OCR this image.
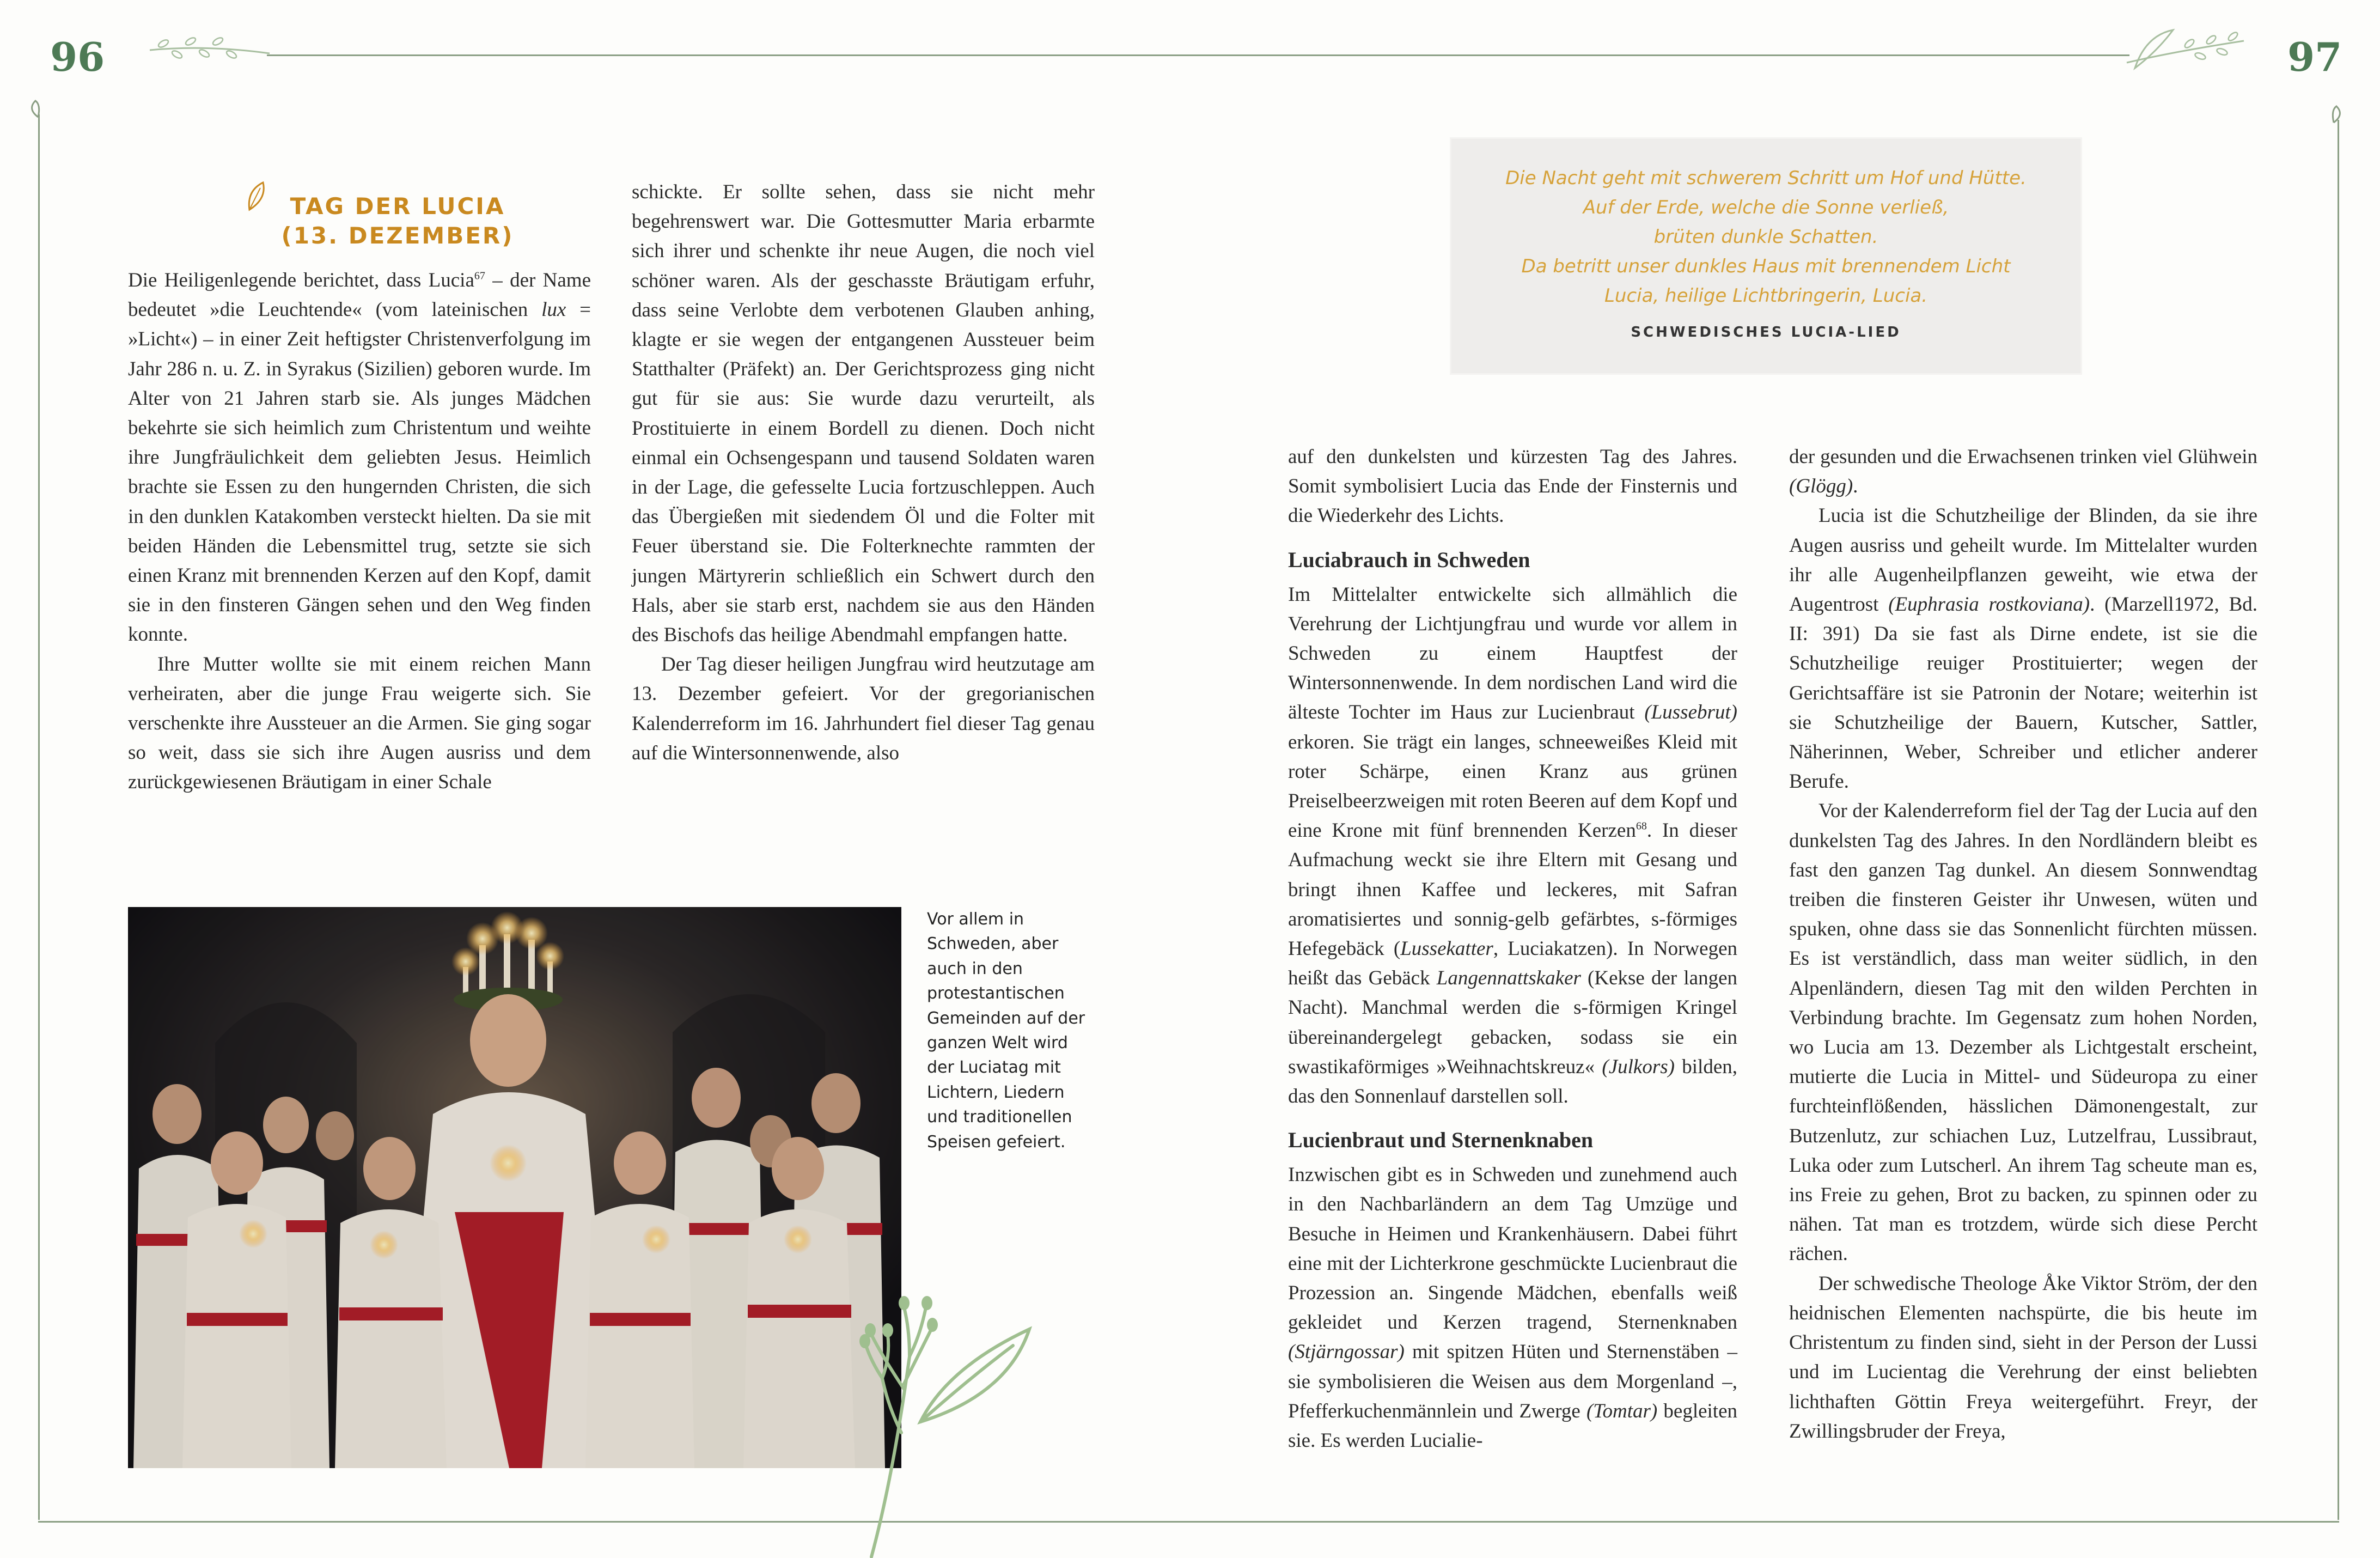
96	97
TAG DER LUCIA
(13. DEZEMBER)

Die Heiligenlegende berichtet, dass Lucia$^{67}$ – der Name bedeutet »die Leuchtende« (vom lateinischen lux = »Licht«) – in einer Zeit heftigster Christenverfolgung im Jahr 286 n. u. Z. in Syrakus (Sizilien) geboren wurde. Im Alter von 21 Jahren starb sie. Als junges Mädchen bekehrte sie sich heimlich zum Christentum und weihte ihre Jungfräulichkeit dem geliebten Jesus. Heimlich brachte sie Essen zu den hungernden Christen, die sich in den dunklen Katakomben versteckt hielten. Da sie mit beiden Händen die Lebensmittel trug, setzte sie sich einen Kranz mit brennenden Kerzen auf den Kopf, damit sie in den finsteren Gängen sehen und den Weg finden konnte.

Ihre Mutter wollte sie mit einem reichen Mann verheiraten, aber die junge Frau weigerte sich. Sie verschenkte ihre Aussteuer an die Armen. Sie ging sogar so weit, dass sie sich ihre Augen ausriss und dem zurückgewiesenen Bräutigam in einer Schale

schickte. Er sollte sehen, dass sie nicht mehr begehrenswert war. Die Gottesmutter Maria erbarmte sich ihrer und schenkte ihr neue Augen, die noch viel schöner waren. Als der geschasste Bräutigam erfuhr, dass seine Verlobte dem verbotenen Glauben anhing, klagte er sie wegen der entgangenen Aussteuer beim Statthalter (Präfekt) an. Der Gerichtsprozess ging nicht gut für sie aus: Sie wurde dazu verurteilt, als Prostituierte in einem Bordell zu dienen. Doch nicht einmal ein Ochsengespann und tausend Soldaten waren in der Lage, die gefesselte Lucia fortzuschleppen. Auch das Übergießen mit siedendem Öl und die Folter mit Feuer überstand sie. Die Folterknechte rammten der jungen Märtyrerin schließlich ein Schwert durch den Hals, aber sie starb erst, nachdem sie aus den Händen des Bischofs das heilige Abendmahl empfangen hatte.

Der Tag dieser heiligen Jungfrau wird heutzutage am 13. Dezember gefeiert. Vor der gregorianischen Kalenderreform im 16. Jahrhundert fiel dieser Tag genau auf die Wintersonnenwende, also

Die Nacht geht mit schwerem Schritt um Hof und Hütte.
Auf der Erde, welche die Sonne verließ,
brüten dunkle Schatten.
Da betritt unser dunkles Haus mit brennendem Licht
Lucia, heilige Lichtbringerin, Lucia.
SCHWEDISCHES LUCIA-LIED

auf den dunkelsten und kürzesten Tag des Jahres. Somit symbolisiert Lucia das Ende der Finsternis und die Wiederkehr des Lichts.

Luciabrauch in Schweden

Im Mittelalter entwickelte sich allmählich die Verehrung der Lichtjungfrau und wurde vor allem in Schweden zu einem Hauptfest der Wintersonnenwende. In dem nordischen Land wird die älteste Tochter im Haus zur Lucienbraut (Lussebrut) erkoren. Sie trägt ein langes, schneeweißes Kleid mit roter Schärpe, einen Kranz aus grünen Preiselbeerzweigen mit roten Beeren auf dem Kopf und eine Krone mit fünf brennenden Kerzen$^{68}$. In dieser Aufmachung weckt sie ihre Eltern mit Gesang und bringt ihnen Kaffee und leckeres, mit Safran aromatisiertes und sonnig-gelb gefärbtes, s-förmiges Hefegebäck (Lussekatter, Luciakatzen). In Norwegen heißt das Gebäck Langennattskaker (Kekse der langen Nacht). Manchmal werden die s-förmigen Kringel übereinandergelegt gebacken, sodass sie ein swastikaförmiges »Weihnachtskreuz« (Julkors) bilden, das den Sonnenlauf darstellen soll.

Lucienbraut und Sternenknaben

Inzwischen gibt es in Schweden und zunehmend auch in den Nachbarländern an dem Tag Umzüge und Besuche in Heimen und Krankenhäusern. Dabei führt eine mit der Lichterkrone geschmückte Lucienbraut die Prozession an. Singende Mädchen, ebenfalls weiß gekleidet und Kerzen tragend, Sternenknaben (Stjärngossar) mit spitzen Hüten und Sternenstäben – sie symbolisieren die Weisen aus dem Morgenland –, Pfefferkuchenmännlein und Zwerge (Tomtar) begleiten sie. Es werden Lucialie-

der gesunden und die Erwachsenen trinken viel Glühwein (Glögg).

Lucia ist die Schutzheilige der Blinden, da sie ihre Augen ausriss und geheilt wurde. Im Mittelalter wurden ihr alle Augenheilpflanzen geweiht, wie etwa der Augentrost (Euphrasia rostkoviana). (Marzell1972, Bd. II: 391) Da sie fast als Dirne endete, ist sie die Schutzheilige reuiger Prostituierter; wegen der Gerichtsaffäre ist sie Patronin der Notare; weiterhin ist sie Schutzheilige der Bauern, Kutscher, Sattler, Näherinnen, Weber, Schreiber und etlicher anderer Berufe.

Vor der Kalenderreform fiel der Tag der Lucia auf den dunkelsten Tag des Jahres. In den Nordländern bleibt es fast den ganzen Tag dunkel. An diesem Sonnwendtag treiben die finsteren Geister ihr Unwesen, wüten und spuken, ohne dass sie das Sonnenlicht fürchten müssen. Es ist verständlich, dass man weiter südlich, in den Alpenländern, diesen Tag mit den wilden Perchten in Verbindung brachte. Im Gegensatz zum hohen Norden, wo Lucia am 13. Dezember als Lichtgestalt erscheint, mutierte die Lucia in Mittel- und Südeuropa zu einer furchteinflößenden, hässlichen Dämonengestalt, zur Butzenlutz, zur schiachen Luz, Lutzelfrau, Lussibraut, Luka oder zum Lutscherl. An ihrem Tag scheute man es, ins Freie zu gehen, Brot zu backen, zu spinnen oder zu nähen. Tat man es trotzdem, würde sich diese Percht rächen.

Der schwedische Theologe Åke Viktor Ström, der den heidnischen Elementen nachspürte, die bis heute im Christentum zu finden sind, sieht in der Person der Lussi und im Lucientag die Verehrung der einst beliebten lichthaften Göttin Freya weitergeführt. Freyr, der Zwillingsbruder der Freya,

Vor allem in Schweden, aber auch in den protestantischen Gemeinden auf der ganzen Welt wird der Luciatag mit Lichtern, Liedern und traditionellen Speisen gefeiert.
